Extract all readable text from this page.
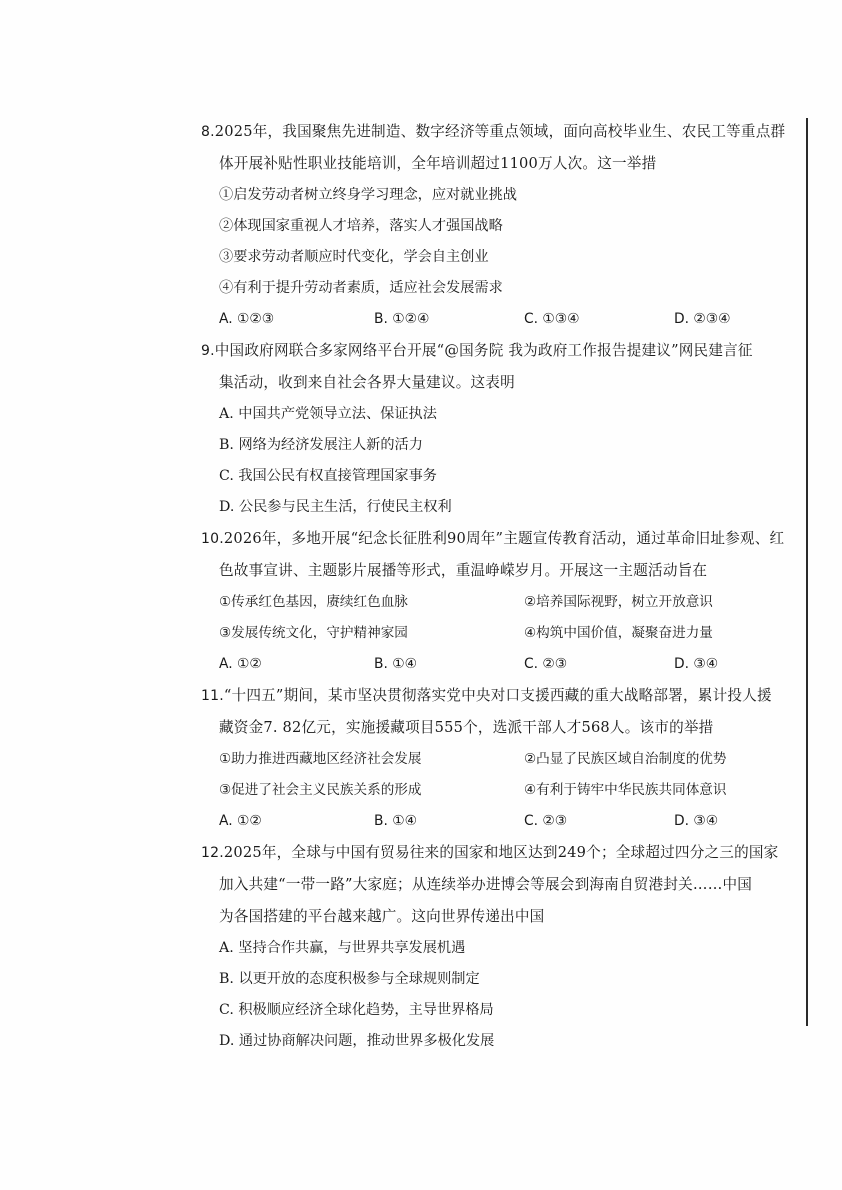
8.2025年，我国聚焦先进制造、数字经济等重点领域，面向高校毕业生、农民工等重点群

体开展补贴性职业技能培训，全年培训超过1100万人次。这一举措

①启发劳动者树立终身学习理念，应对就业挑战

②体现国家重视人才培养，落实人才强国战略

③要求劳动者顺应时代变化，学会自主创业

④有利于提升劳动者素质，适应社会发展需求

A. ①②③	B. ①②④	C. ①③④	D. ②③④

9.中国政府网联合多家网络平台开展“@国务院 我为政府工作报告提建议”网民建言征

集活动，收到来自社会各界大量建议。这表明

A. 中国共产党领导立法、保证执法

B. 网络为经济发展注人新的活力

C. 我国公民有权直接管理国家事务

D. 公民参与民主生活，行使民主权利

10.2026年，多地开展“纪念长征胜利90周年”主题宣传教育活动，通过革命旧址参观、红

色故事宣讲、主题影片展播等形式，重温峥嵘岁月。开展这一主题活动旨在

①传承红色基因，赓续红色血脉	②培养国际视野，树立开放意识
③发展传统文化，守护精神家园	④构筑中国价值，凝聚奋进力量
A. ①②	B. ①④	C. ②③	D. ③④

11.“十四五”期间，某市坚决贯彻落实党中央对口支援西藏的重大战略部署，累计投人援

藏资金7. 82亿元，实施援藏项目555个，选派干部人才568人。该市的举措

①助力推进西藏地区经济社会发展	②凸显了民族区域自治制度的优势
③促进了社会主义民族关系的形成	④有利于铸牢中华民族共同体意识
A. ①②	B. ①④	C. ②③	D. ③④

12.2025年，全球与中国有贸易往来的国家和地区达到249个；全球超过四分之三的国家

加入共建“一带一路”大家庭；从连续举办进博会等展会到海南自贸港封关……中国

为各国搭建的平台越来越广。这向世界传递出中国

A. 坚持合作共赢，与世界共享发展机遇

B. 以更开放的态度积极参与全球规则制定

C. 积极顺应经济全球化趋势，主导世界格局

D. 通过协商解决问题，推动世界多极化发展
